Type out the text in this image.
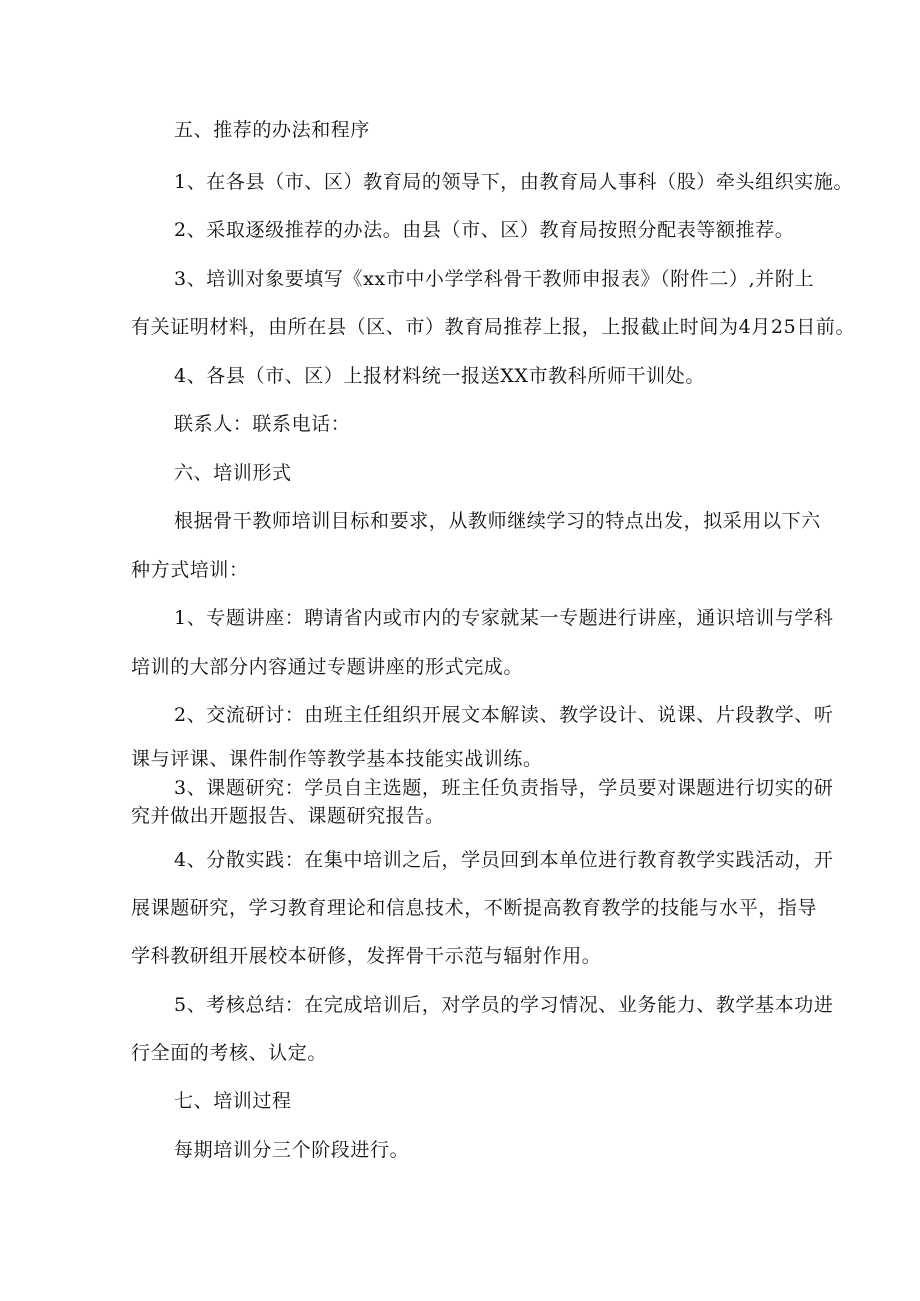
五、推荐的办法和程序
1、在各县（市、区）教育局的领导下，由教育局人事科（股）牵头组织实施。
2、采取逐级推荐的办法。由县（市、区）教育局按照分配表等额推荐。
3、培训对象要填写《xx市中小学学科骨干教师申报表》（附件二）,并附上
有关证明材料，由所在县（区、市）教育局推荐上报，上报截止时间为4月25日前。
4、各县（市、区）上报材料统一报送XX市教科所师干训处。
联系人：联系电话：
六、培训形式
根据骨干教师培训目标和要求，从教师继续学习的特点出发，拟采用以下六
种方式培训：
1、专题讲座：聘请省内或市内的专家就某一专题进行讲座，通识培训与学科
培训的大部分内容通过专题讲座的形式完成。
2、交流研讨：由班主任组织开展文本解读、教学设计、说课、片段教学、听
课与评课、课件制作等教学基本技能实战训练。
3、课题研究：学员自主选题，班主任负责指导，学员要对课题进行切实的研
究并做出开题报告、课题研究报告。
4、分散实践：在集中培训之后，学员回到本单位进行教育教学实践活动，开
展课题研究，学习教育理论和信息技术，不断提高教育教学的技能与水平，指导
学科教研组开展校本研修，发挥骨干示范与辐射作用。
5、考核总结：在完成培训后，对学员的学习情况、业务能力、教学基本功进
行全面的考核、认定。
七、培训过程
每期培训分三个阶段进行。
